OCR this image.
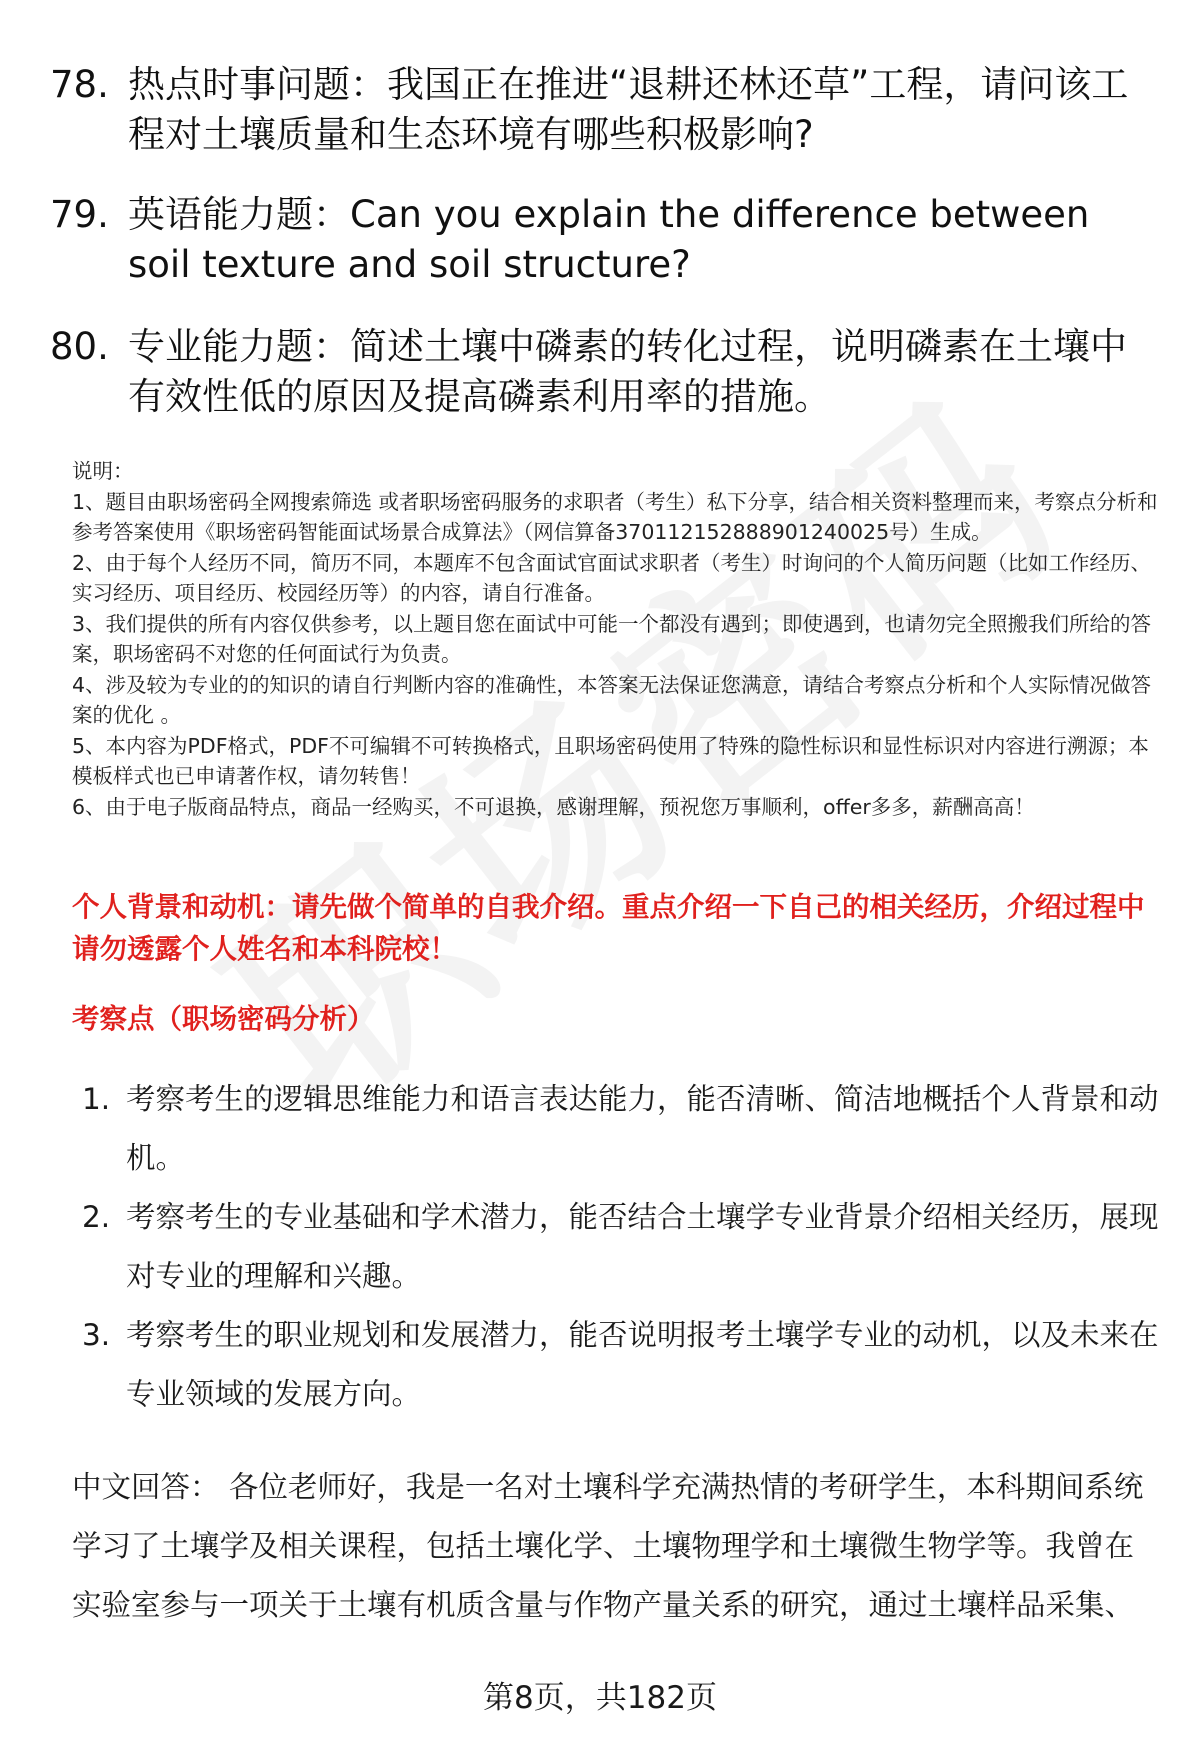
78. 热点时事问题：我国正在推进“退耕还林还草”工程，请问该工程对土壤质量和生态环境有哪些积极影响?
79. 英语能力题：Can you explain the difference between soil texture and soil structure?
80. 专业能力题：简述土壤中磷素的转化过程，说明磷素在土壤中有效性低的原因及提高磷素利用率的措施。

说明：

1、题目由职场密码全网搜索筛选 或者职场密码服务的求职者（考生）私下分享，结合相关资料整理而来，考察点分析和参考答案使用《职场密码智能面试场景合成算法》（网信算备370112152888901240025号）生成。

2、由于每个人经历不同，简历不同，本题库不包含面试官面试求职者（考生）时询问的个人简历问题（比如工作经历、实习经历、项目经历、校园经历等）的内容，请自行准备。

3、我们提供的所有内容仅供参考，以上题目您在面试中可能一个都没有遇到；即使遇到，也请勿完全照搬我们所给的答案，职场密码不对您的任何面试行为负责。

4、涉及较为专业的的知识的请自行判断内容的准确性，本答案无法保证您满意，请结合考察点分析和个人实际情况做答案的优化 。

5、本内容为PDF格式，PDF不可编辑不可转换格式，且职场密码使用了特殊的隐性标识和显性标识对内容进行溯源；本模板样式也已申请著作权，请勿转售！

6、由于电子版商品特点，商品一经购买，不可退换，感谢理解，预祝您万事顺利，offer多多，薪酬高高！

个人背景和动机：请先做个简单的自我介绍。重点介绍一下自己的相关经历，介绍过程中请勿透露个人姓名和本科院校！
考察点（职场密码分析）
1. 考察考生的逻辑思维能力和语言表达能力，能否清晰、简洁地概括个人背景和动机。
2. 考察考生的专业基础和学术潜力，能否结合土壤学专业背景介绍相关经历，展现对专业的理解和兴趣。
3. 考察考生的职业规划和发展潜力，能否说明报考土壤学专业的动机，以及未来在专业领域的发展方向。
中文回答： 各位老师好，我是一名对土壤科学充满热情的考研学生，本科期间系统学习了土壤学及相关课程，包括土壤化学、土壤物理学和土壤微生物学等。我曾在实验室参与一项关于土壤有机质含量与作物产量关系的研究，通过土壤样品采集、
第8页，共182页
